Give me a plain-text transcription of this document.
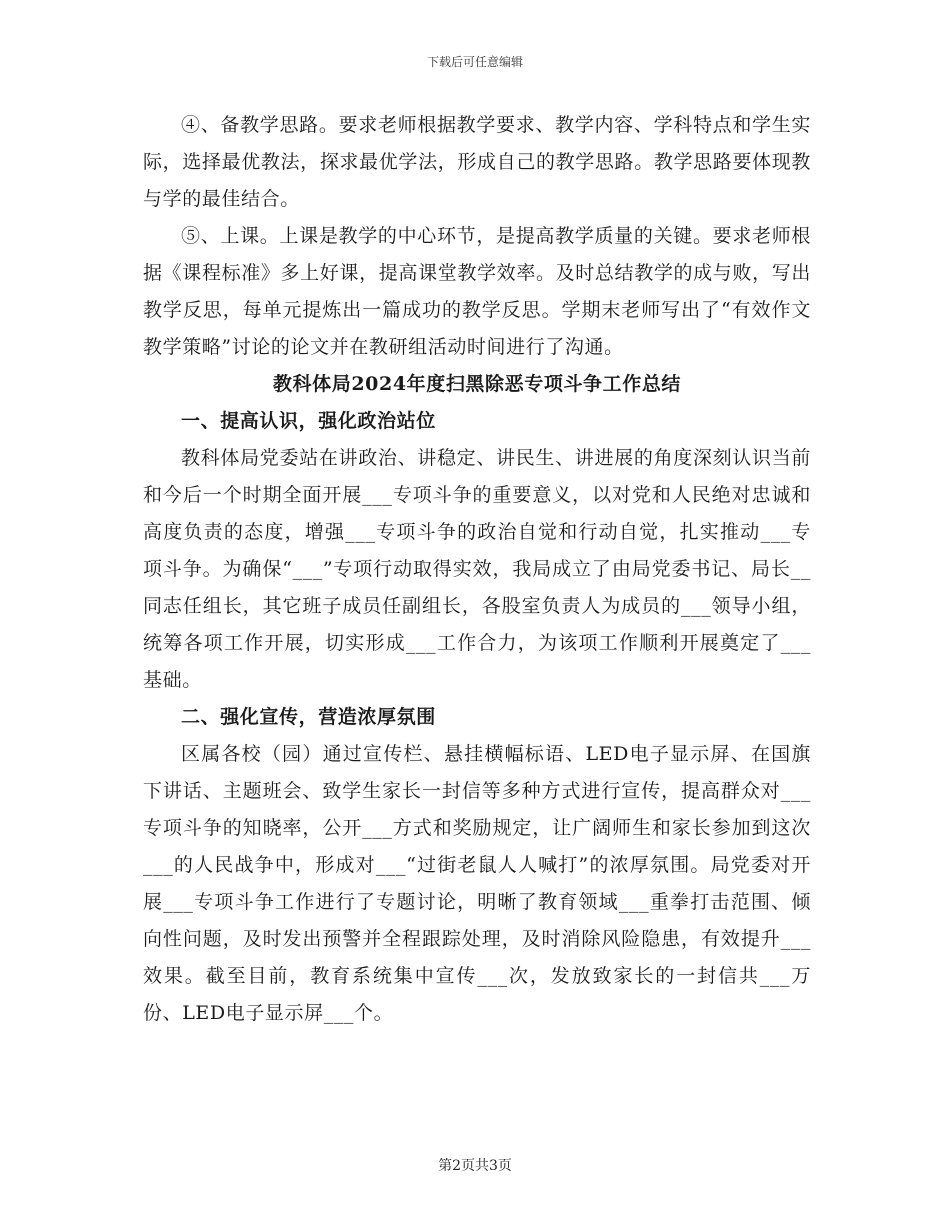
下载后可任意编辑

④、备教学思路。要求老师根据教学要求、教学内容、学科特点和学生实际，选择最优教法，探求最优学法，形成自己的教学思路。教学思路要体现教与学的最佳结合。

⑤、上课。上课是教学的中心环节，是提高教学质量的关键。要求老师根据《课程标准》多上好课，提高课堂教学效率。及时总结教学的成与败，写出教学反思，每单元提炼出一篇成功的教学反思。学期末老师写出了“有效作文教学策略”讨论的论文并在教研组活动时间进行了沟通。

教科体局2024年度扫黑除恶专项斗争工作总结

一、提高认识，强化政治站位

教科体局党委站在讲政治、讲稳定、讲民生、讲进展的角度深刻认识当前和今后一个时期全面开展___专项斗争的重要意义，以对党和人民绝对忠诚和高度负责的态度，增强___专项斗争的政治自觉和行动自觉，扎实推动___专项斗争。为确保“___”专项行动取得实效，我局成立了由局党委书记、局长__同志任组长，其它班子成员任副组长，各股室负责人为成员的___领导小组，统筹各项工作开展，切实形成___工作合力，为该项工作顺利开展奠定了___基础。

二、强化宣传，营造浓厚氛围

区属各校（园）通过宣传栏、悬挂横幅标语、LED电子显示屏、在国旗下讲话、主题班会、致学生家长一封信等多种方式进行宣传，提高群众对___专项斗争的知晓率，公开___方式和奖励规定，让广阔师生和家长参加到这次___的人民战争中，形成对___“过街老鼠人人喊打”的浓厚氛围。局党委对开展___专项斗争工作进行了专题讨论，明晰了教育领域___重拳打击范围、倾向性问题，及时发出预警并全程跟踪处理，及时消除风险隐患，有效提升___效果。截至目前，教育系统集中宣传___次，发放致家长的一封信共___万份、LED电子显示屏___个。

第2页共3页
